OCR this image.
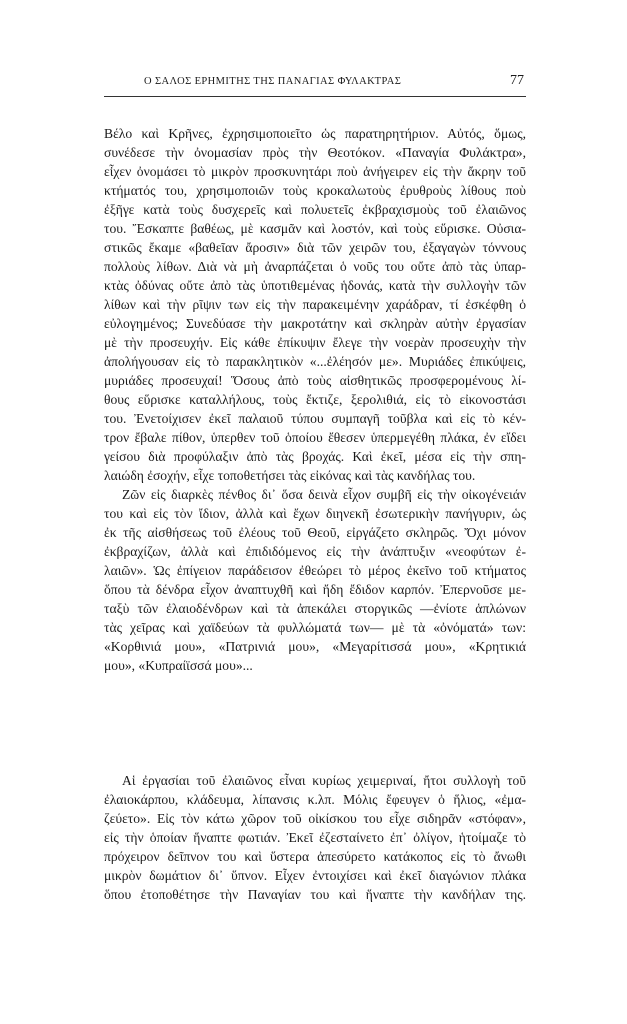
Ο ΣΑΛΟΣ ΕΡΗΜΙΤΗΣ ΤΗΣ ΠΑΝΑΓΙΑΣ ΦΥΛΑΚΤΡΑΣ	77
Βέλο καὶ Κρῆνες, ἐχρησιμοποιεῖτο ὡς παρατηρητήριον. Αὐτός, ὅμως,
συνέδεσε τὴν ὀνομασίαν πρὸς τὴν Θεοτόκον. «Παναγία Φυλάκτρα»,
εἶχεν ὀνομάσει τὸ μικρὸν προσκυνητάρι ποὺ ἀνήγειρεν εἰς τὴν ἄκρην τοῦ
κτήματός του, χρησιμοποιῶν τοὺς κροκαλωτοὺς ἐρυθροὺς λίθους ποὺ
ἐξῆγε κατὰ τοὺς δυσχερεῖς καὶ πολυετεῖς ἐκβραχισμοὺς τοῦ ἐλαιῶνος
του. Ἔσκαπτε βαθέως, μὲ κασμᾶν καὶ λοστόν, καὶ τοὺς εὕρισκε. Οὐσια-
στικῶς ἔκαμε «βαθεῖαν ἄροσιν» διὰ τῶν χειρῶν του, ἐξαγαγὼν τόννους
πολλοὺς λίθων. Διὰ νὰ μὴ ἀναρπάζεται ὁ νοῦς του οὔτε ἀπὸ τὰς ὑπαρ-
κτὰς ὀδύνας οὔτε ἀπὸ τὰς ὑποτιθεμένας ἡδονάς, κατὰ τὴν συλλογὴν τῶν
λίθων καὶ τὴν ρῖψιν των εἰς τὴν παρακειμένην χαράδραν, τί ἐσκέφθη ὁ
εὐλογημένος; Συνεδύασε τὴν μακροτάτην καὶ σκληρὰν αὐτὴν ἐργασίαν
μὲ τὴν προσευχήν. Εἰς κάθε ἐπίκυψιν ἔλεγε τὴν νοερὰν προσευχὴν τὴν
ἀπολήγουσαν εἰς τὸ παρακλητικὸν «...ἐλέησόν με». Μυριάδες ἐπικύψεις,
μυριάδες προσευχαί! Ὅσους ἀπὸ τοὺς αἰσθητικῶς προσφερομένους λί-
θους εὕρισκε καταλλήλους, τοὺς ἔκτιζε, ξερολιθιά, εἰς τὸ εἰκονοστάσι
του. Ἐνετοίχισεν ἐκεῖ παλαιοῦ τύπου συμπαγῆ τοῦβλα καὶ εἰς τὸ κέν-
τρον ἔβαλε πίθον, ὑπερθεν τοῦ ὁποίου ἔθεσεν ὑπερμεγέθη πλάκα, ἐν εἴδει
γείσου διὰ προφύλαξιν ἀπὸ τὰς βροχάς. Καὶ ἐκεῖ, μέσα εἰς τὴν σπη-
λαιώδη ἐσοχήν, εἶχε τοποθετήσει τὰς εἰκόνας καὶ τὰς κανδήλας του.
Ζῶν εἰς διαρκὲς πένθος δι᾿ ὅσα δεινὰ εἶχον συμβῆ εἰς τὴν οἰκογένειάν
του καὶ εἰς τὸν ἴδιον, ἀλλὰ καὶ ἔχων διηνεκῆ ἐσωτερικὴν πανήγυριν, ὡς
ἐκ τῆς αἰσθήσεως τοῦ ἐλέους τοῦ Θεοῦ, εἰργάζετο σκληρῶς. Ὄχι μόνον
ἐκβραχίζων, ἀλλὰ καὶ ἐπιδιδόμενος εἰς τὴν ἀνάπτυξιν «νεοφύτων ἐ-
λαιῶν». Ὡς ἐπίγειον παράδεισον ἐθεώρει τὸ μέρος ἐκεῖνο τοῦ κτήματος
ὅπου τὰ δένδρα εἶχον ἀναπτυχθῆ καὶ ἤδη ἔδιδον καρπόν. Ἐπερνοῦσε με-
ταξὺ τῶν ἐλαιοδένδρων καὶ τὰ ἀπεκάλει στοργικῶς —ἐνίοτε ἁπλώνων
τὰς χεῖρας καὶ χαϊδεύων τὰ φυλλώματά των— μὲ τὰ «ὀνόματά» των:
«Κορθινιά μου», «Πατρινιά μου», «Μεγαρίτισσά μου», «Κρητικιά
μου», «Κυπραίϊσσά μου»...
Αἱ ἐργασίαι τοῦ ἐλαιῶνος εἶναι κυρίως χειμεριναί, ἤτοι συλλογὴ τοῦ
ἐλαιοκάρπου, κλάδευμα, λίπανσις κ.λπ. Μόλις ἔφευγεν ὁ ἥλιος, «ἐμα-
ζεύετο». Εἰς τὸν κάτω χῶρον τοῦ οἰκίσκου του εἶχε σιδηρᾶν «στόφαν»,
εἰς τὴν ὁποίαν ἥναπτε φωτιάν. Ἐκεῖ ἐζεσταίνετο ἐπ᾿ ὀλίγον, ἡτοίμαζε τὸ
πρόχειρον δεῖπνον του καὶ ὕστερα ἀπεσύρετο κατάκοπος εἰς τὸ ἄνωθι
μικρὸν δωμάτιον δι᾿ ὕπνον. Εἶχεν ἐντοιχίσει καὶ ἐκεῖ διαγώνιον πλάκα
ὅπου ἐτοποθέτησε τὴν Παναγίαν του καὶ ἥναπτε τὴν κανδήλαν της.
